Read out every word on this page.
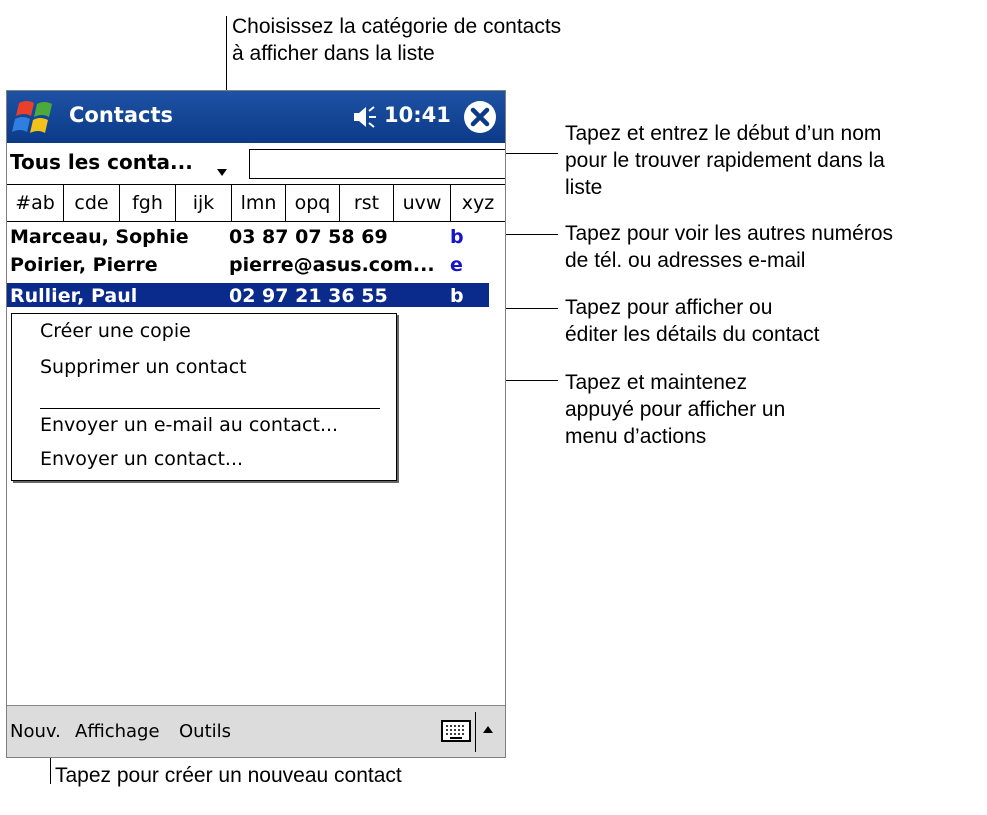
Choisissez la catégorie de contacts
à afficher dans la liste
Tapez et entrez le début d’un nom
pour le trouver rapidement dans la
liste
Tapez pour voir les autres numéros
de tél. ou adresses e-mail
Tapez pour afficher ou
éditer les détails du contact
Tapez et maintenez
appuyé pour afficher un
menu d’actions
Tapez pour créer un nouveau contact
Contacts	10:41
Tous les conta...
#ab	cde	fgh	ijk	lmn opq	rst	uvw	xyz
Marceau, Sophie 03 87 07 58 69	b
Poirier, Pierre	pierre@asus.com... e
Rullier, Paul	02 97 21 36 55	b
Créer une copie
Supprimer un contact
Envoyer un e-mail au contact...
Envoyer un contact...
Nouv. Affichage Outils
